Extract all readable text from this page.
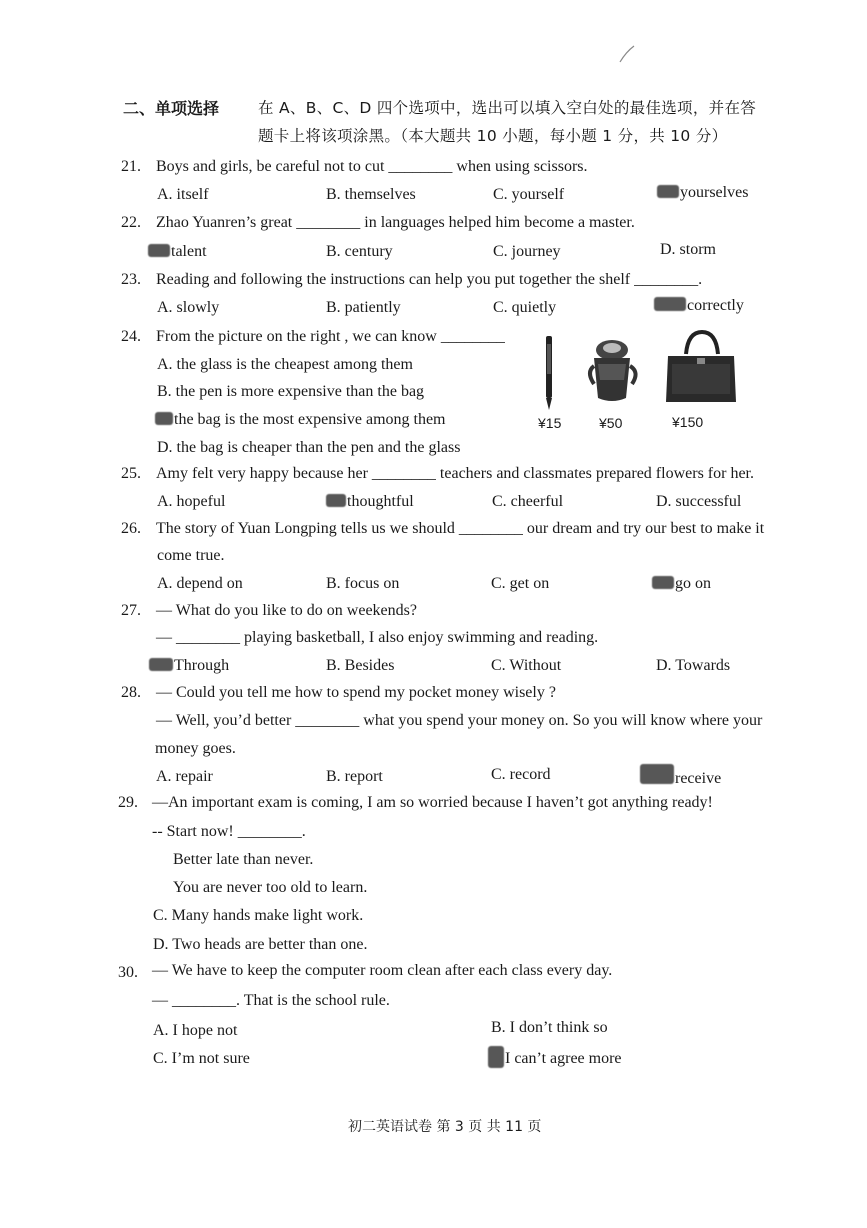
二、单项选择	在 A、B、C、D 四个选项中，选出可以填入空白处的最佳选项，并在答
题卡上将该项涂黑。（本大题共 10 小题，每小题 1 分，共 10 分）
21. Boys and girls, be careful not to cut ________ when using scissors.
A. itself	B. themselves	C. yourself	yourselves
22. Zhao Yuanren’s great ________ in languages helped him become a master.
talent	B. century	C. journey	D. storm
23. Reading and following the instructions can help you put together the shelf ________.
A. slowly	B. patiently	C. quietly	correctly
24. From the picture on the right , we can know ________
A. the glass is the cheapest among them
B. the pen is more expensive than the bag
the bag is the most expensive among them
D. the bag is cheaper than the pen and the glass
¥15	¥50	¥150
25. Amy felt very happy because her ________ teachers and classmates prepared flowers for her.
A. hopeful	thoughtful	C. cheerful	D. successful
26. The story of Yuan Longping tells us we should ________ our dream and try our best to make it
come true.
A. depend on	B. focus on	C. get on	go on
27. — What do you like to do on weekends?
— ________ playing basketball, I also enjoy swimming and reading.
Through	B. Besides	C. Without	D. Towards
28. — Could you tell me how to spend my pocket money wisely ?
— Well, you’d better ________ what you spend your money on. So you will know where your
money goes.
A. repair	B. report	C. record	receive
29. —An important exam is coming, I am so worried because I haven’t got anything ready!
-- Start now! ________.
Better late than never.
You are never too old to learn.
C. Many hands make light work.
D. Two heads are better than one.
30. — We have to keep the computer room clean after each class every day.
— ________. That is the school rule.
A. I hope not	B. I don’t think so
C. I’m not sure	I can’t agree more
初二英语试卷 第 3 页 共 11 页
